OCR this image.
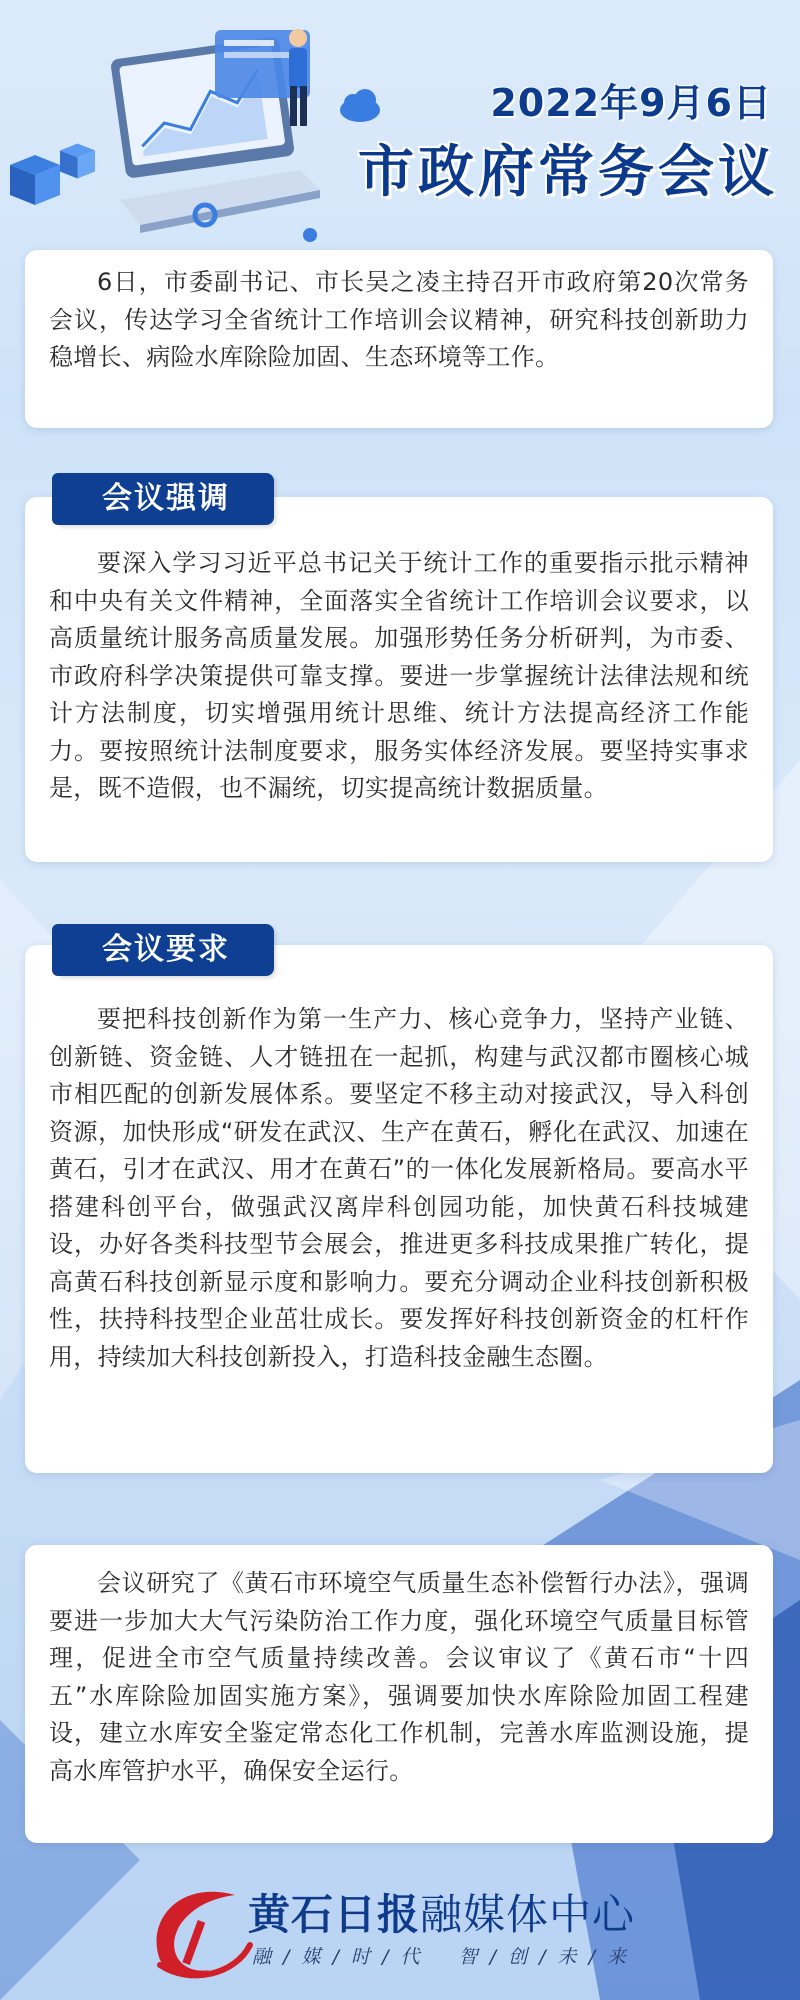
2022年9月6日
市政府常务会议

6日，市委副书记、市长吴之凌主持召开市政府第20次常务会议，传达学习全省统计工作培训会议精神，研究科技创新助力稳增长、病险水库除险加固、生态环境等工作。

要深入学习习近平总书记关于统计工作的重要指示批示精神和中央有关文件精神，全面落实全省统计工作培训会议要求，以高质量统计服务高质量发展。加强形势任务分析研判，为市委、市政府科学决策提供可靠支撑。要进一步掌握统计法律法规和统计方法制度，切实增强用统计思维、统计方法提高经济工作能力。要按照统计法制度要求，服务实体经济发展。要坚持实事求是，既不造假，也不漏统，切实提高统计数据质量。

会议强调

要把科技创新作为第一生产力、核心竞争力，坚持产业链、创新链、资金链、人才链扭在一起抓，构建与武汉都市圈核心城市相匹配的创新发展体系。要坚定不移主动对接武汉，导入科创资源，加快形成“研发在武汉、生产在黄石，孵化在武汉、加速在黄石，引才在武汉、用才在黄石”的一体化发展新格局。要高水平搭建科创平台，做强武汉离岸科创园功能，加快黄石科技城建设，办好各类科技型节会展会，推进更多科技成果推广转化，提高黄石科技创新显示度和影响力。要充分调动企业科技创新积极性，扶持科技型企业茁壮成长。要发挥好科技创新资金的杠杆作用，持续加大科技创新投入，打造科技金融生态圈。

会议要求

会议研究了《黄石市环境空气质量生态补偿暂行办法》，强调要进一步加大大气污染防治工作力度，强化环境空气质量目标管理，促进全市空气质量持续改善。会议审议了《黄石市“十四五”水库除险加固实施方案》，强调要加快水库除险加固工程建设，建立水库安全鉴定常态化工作机制，完善水库监测设施，提高水库管护水平，确保安全运行。

黄石日报融媒体中心
融 / 媒 / 时 / 代    智 / 创 / 未 / 来
